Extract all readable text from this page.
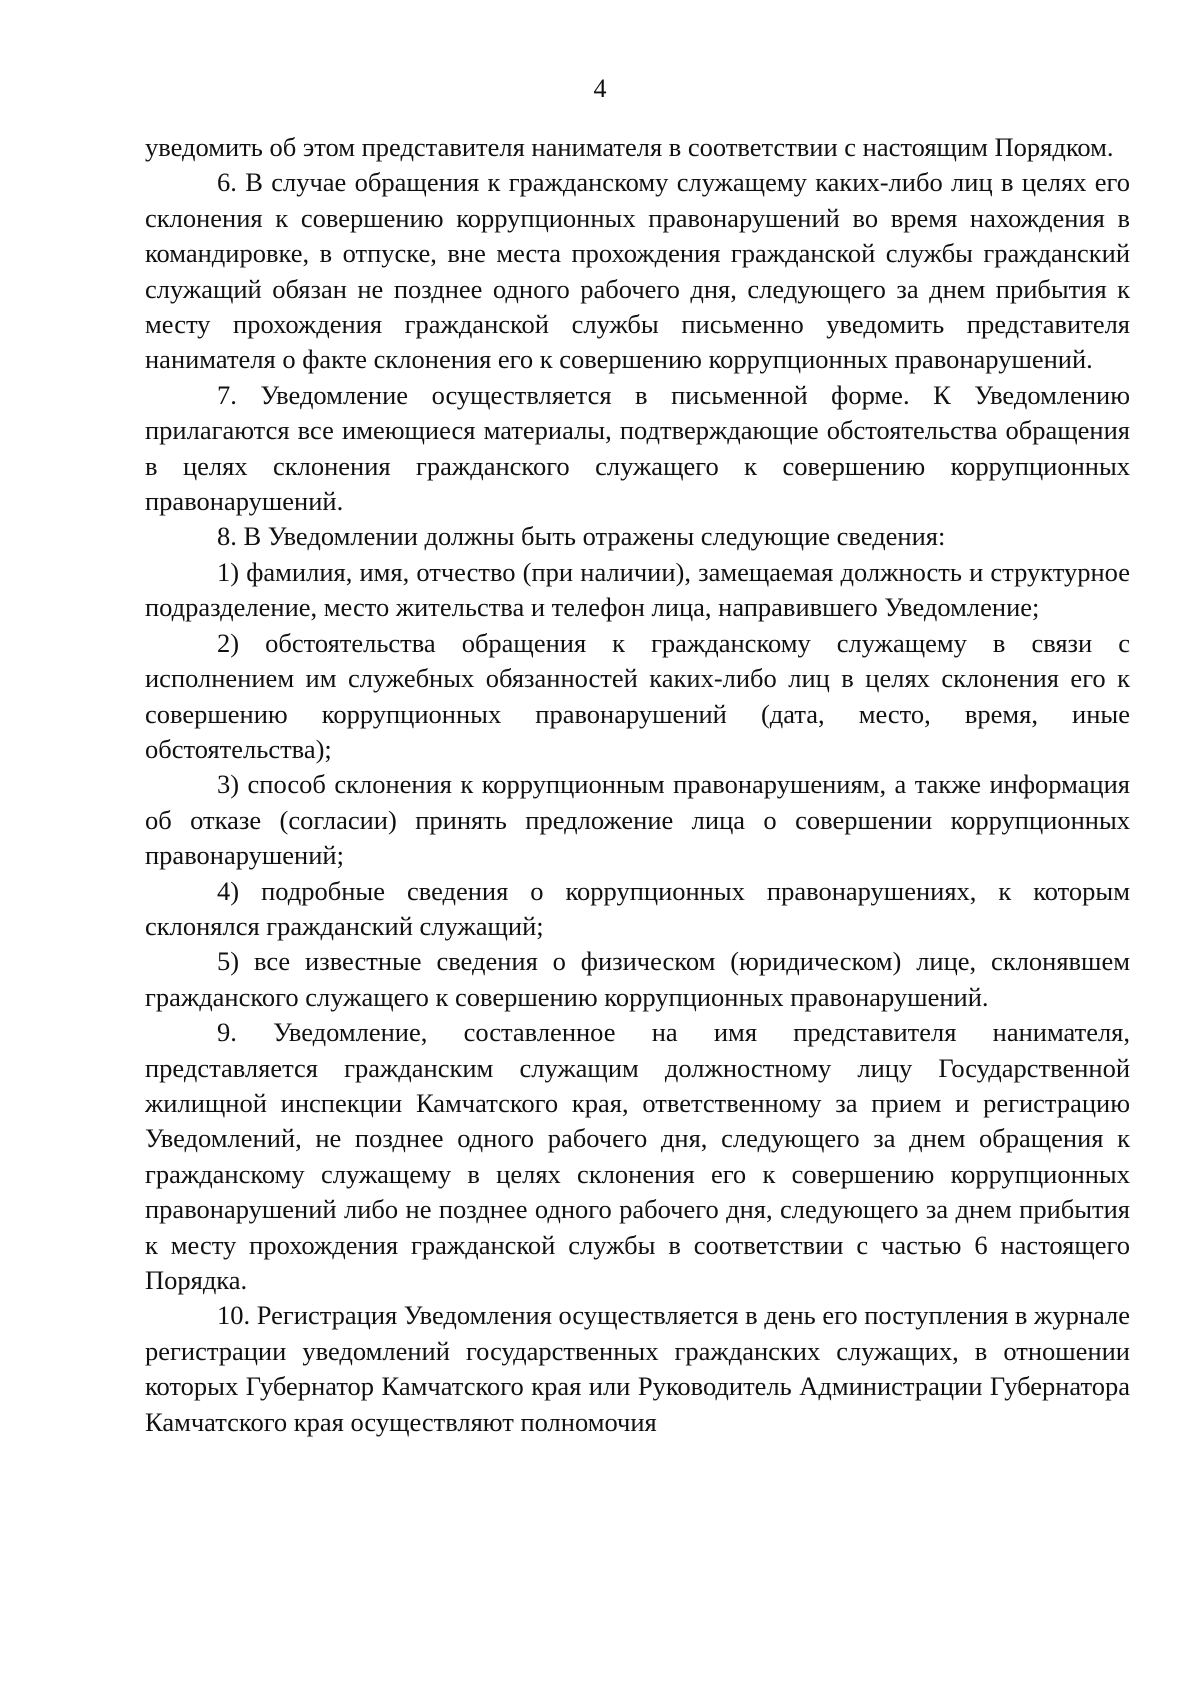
4

уведомить об этом представителя нанимателя в соответствии с настоящим Порядком.

6. В случае обращения к гражданскому служащему каких-либо лиц в целях его склонения к совершению коррупционных правонарушений во время нахождения в командировке, в отпуске, вне места прохождения гражданской службы гражданский служащий обязан не позднее одного рабочего дня, следующего за днем прибытия к месту прохождения гражданской службы письменно уведомить представителя нанимателя о факте склонения его к совершению коррупционных правонарушений.

7. Уведомление осуществляется в письменной форме. К Уведомлению прилагаются все имеющиеся материалы, подтверждающие обстоятельства обращения в целях склонения гражданского служащего к совершению коррупционных правонарушений.

8. В Уведомлении должны быть отражены следующие сведения:

1) фамилия, имя, отчество (при наличии), замещаемая должность и структурное подразделение, место жительства и телефон лица, направившего Уведомление;

2) обстоятельства обращения к гражданскому служащему в связи с исполнением им служебных обязанностей каких-либо лиц в целях склонения его к совершению коррупционных правонарушений (дата, место, время, иные обстоятельства);

3) способ склонения к коррупционным правонарушениям, а также информация об отказе (согласии) принять предложение лица о совершении коррупционных правонарушений;

4) подробные сведения о коррупционных правонарушениях, к которым склонялся гражданский служащий;

5) все известные сведения о физическом (юридическом) лице, склонявшем гражданского служащего к совершению коррупционных правонарушений.

9. Уведомление, составленное на имя представителя нанимателя, представляется гражданским служащим должностному лицу Государственной жилищной инспекции Камчатского края, ответственному за прием и регистрацию Уведомлений, не позднее одного рабочего дня, следующего за днем обращения к гражданскому служащему в целях склонения его к совершению коррупционных правонарушений либо не позднее одного рабочего дня, следующего за днем прибытия к месту прохождения гражданской службы в соответствии с частью 6 настоящего Порядка.

10. Регистрация Уведомления осуществляется в день его поступления в журнале регистрации уведомлений государственных гражданских служащих, в отношении которых Губернатор Камчатского края или Руководитель Администрации Губернатора Камчатского края осуществляют полномочия
